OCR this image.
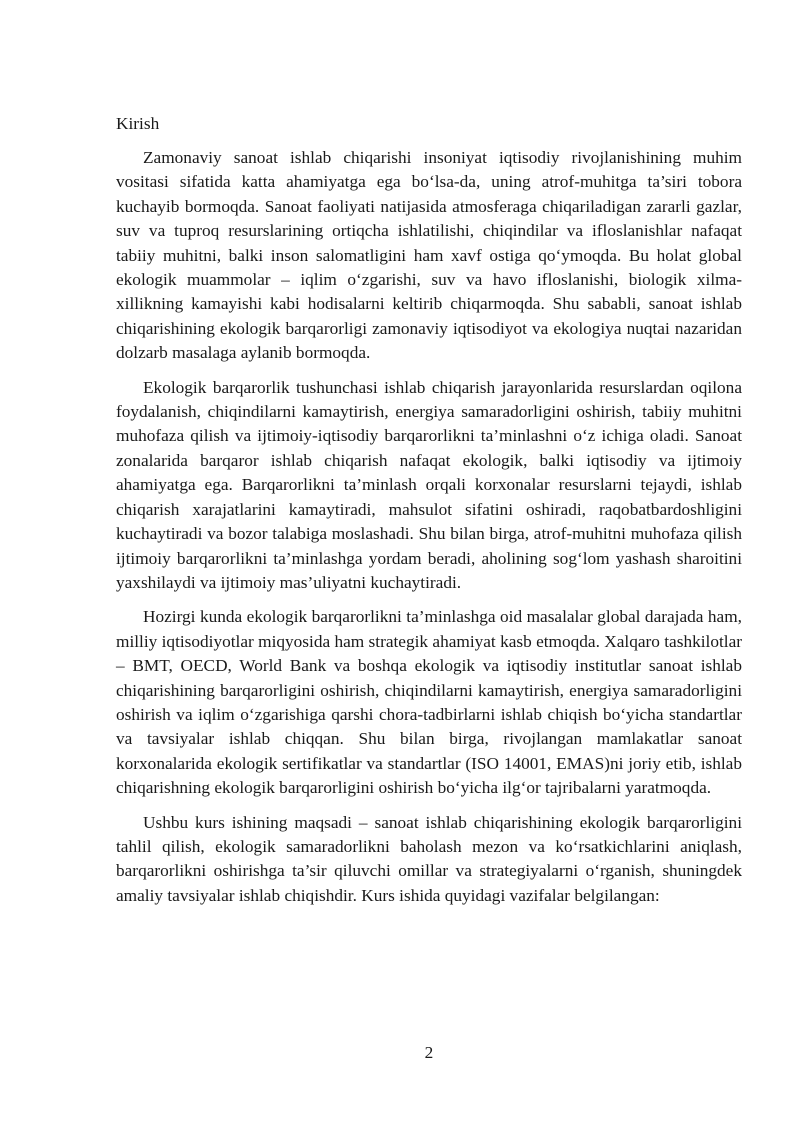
Kirish

Zamonaviy sanoat ishlab chiqarishi insoniyat iqtisodiy rivojlanishining muhim vositasi sifatida katta ahamiyatga ega bo‘lsa-da, uning atrof-muhitga ta’siri tobora kuchayib bormoqda. Sanoat faoliyati natijasida atmosferaga chiqariladigan zararli gazlar, suv va tuproq resurslarining ortiqcha ishlatilishi, chiqindilar va ifloslanishlar nafaqat tabiiy muhitni, balki inson salomatligini ham xavf ostiga qo‘ymoqda. Bu holat global ekologik muammolar – iqlim o‘zgarishi, suv va havo ifloslanishi, biologik xilma-xillikning kamayishi kabi hodisalarni keltirib chiqarmoqda. Shu sababli, sanoat ishlab chiqarishining ekologik barqarorligi zamonaviy iqtisodiyot va ekologiya nuqtai nazaridan dolzarb masalaga aylanib bormoqda.

Ekologik barqarorlik tushunchasi ishlab chiqarish jarayonlarida resurslardan oqilona foydalanish, chiqindilarni kamaytirish, energiya samaradorligini oshirish, tabiiy muhitni muhofaza qilish va ijtimoiy-iqtisodiy barqarorlikni ta’minlashni o‘z ichiga oladi. Sanoat zonalarida barqaror ishlab chiqarish nafaqat ekologik, balki iqtisodiy va ijtimoiy ahamiyatga ega. Barqarorlikni ta’minlash orqali korxonalar resurslarni tejaydi, ishlab chiqarish xarajatlarini kamaytiradi, mahsulot sifatini oshiradi, raqobatbardoshligini kuchaytiradi va bozor talabiga moslashadi. Shu bilan birga, atrof-muhitni muhofaza qilish ijtimoiy barqarorlikni ta’minlashga yordam beradi, aholining sog‘lom yashash sharoitini yaxshilaydi va ijtimoiy mas’uliyatni kuchaytiradi.

Hozirgi kunda ekologik barqarorlikni ta’minlashga oid masalalar global darajada ham, milliy iqtisodiyotlar miqyosida ham strategik ahamiyat kasb etmoqda. Xalqaro tashkilotlar – BMT, OECD, World Bank va boshqa ekologik va iqtisodiy institutlar sanoat ishlab chiqarishining barqarorligini oshirish, chiqindilarni kamaytirish, energiya samaradorligini oshirish va iqlim o‘zgarishiga qarshi chora-tadbirlarni ishlab chiqish bo‘yicha standartlar va tavsiyalar ishlab chiqqan. Shu bilan birga, rivojlangan mamlakatlar sanoat korxonalarida ekologik sertifikatlar va standartlar (ISO 14001, EMAS)ni joriy etib, ishlab chiqarishning ekologik barqarorligini oshirish bo‘yicha ilg‘or tajribalarni yaratmoqda.

Ushbu kurs ishining maqsadi – sanoat ishlab chiqarishining ekologik barqarorligini tahlil qilish, ekologik samaradorlikni baholash mezon va ko‘rsatkichlarini aniqlash, barqarorlikni oshirishga ta’sir qiluvchi omillar va strategiyalarni o‘rganish, shuningdek amaliy tavsiyalar ishlab chiqishdir. Kurs ishida quyidagi vazifalar belgilangan:

2
